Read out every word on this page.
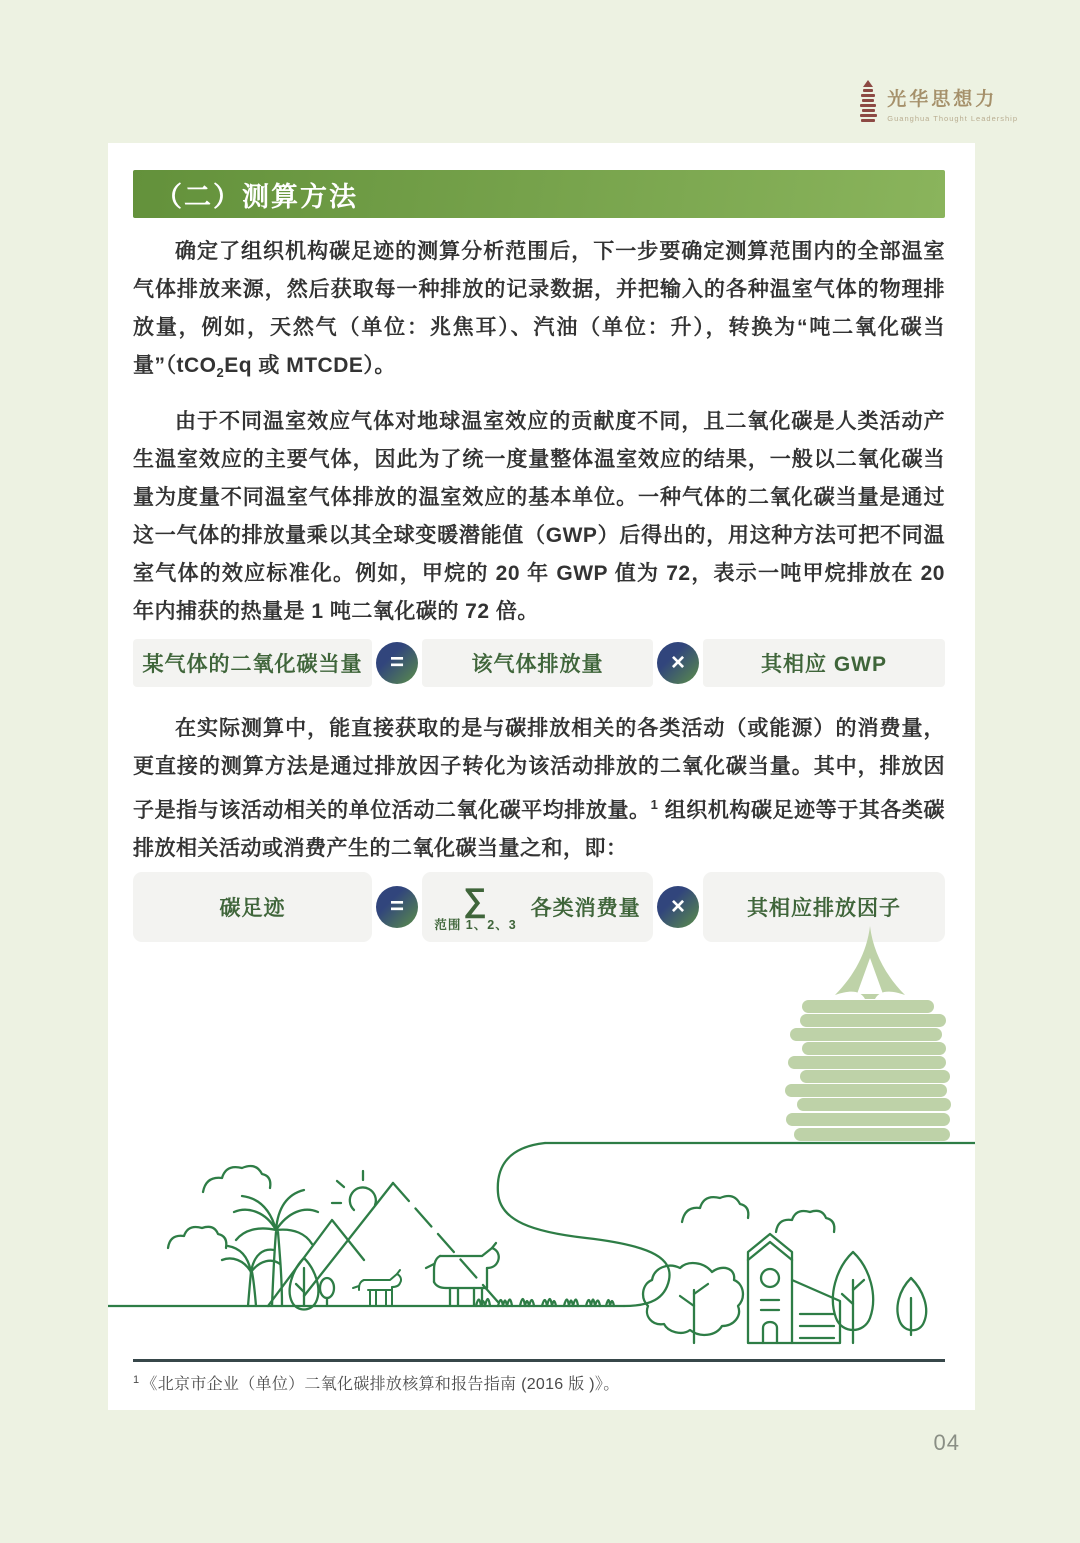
光华思想力
Guanghua Thought Leadership
（二）测算方法

确定了组织机构碳足迹的测算分析范围后，下一步要确定测算范围内的全部温室气体排放来源，然后获取每一种排放的记录数据，并把输入的各种温室气体的物理排放量，例如，天然气（单位：兆焦耳）、汽油（单位：升），转换为“吨二氧化碳当量”（tCO$_2$Eq 或 MTCDE）。

由于不同温室效应气体对地球温室效应的贡献度不同，且二氧化碳是人类活动产生温室效应的主要气体，因此为了统一度量整体温室效应的结果，一般以二氧化碳当量为度量不同温室气体排放的温室效应的基本单位。一种气体的二氧化碳当量是通过这一气体的排放量乘以其全球变暖潜能值（GWP）后得出的，用这种方法可把不同温室气体的效应标准化。例如，甲烷的 20 年 GWP 值为 72，表示一吨甲烷排放在 20 年内捕获的热量是 1 吨二氧化碳的 72 倍。

某气体的二氧化碳当量	=	该气体排放量	×	其相应 GWP

在实际测算中，能直接获取的是与碳排放相关的各类活动（或能源）的消费量，更直接的测算方法是通过排放因子转化为该活动排放的二氧化碳当量。其中，排放因子是指与该活动相关的单位活动二氧化碳平均排放量。$^1$ 组织机构碳足迹等于其各类碳排放相关活动或消费产生的二氧化碳当量之和，即：

碳足迹	=	∑
范围 1、2、3
各类消费量	×	其相应排放因子
$^1$ 《北京市企业（单位）二氧化碳排放核算和报告指南 (2016 版 )》。
04
